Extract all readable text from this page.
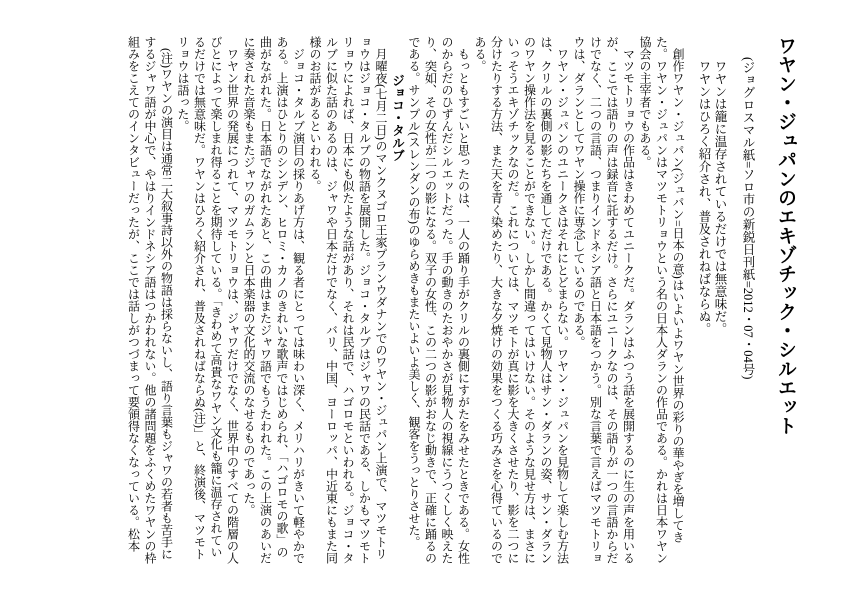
ワヤン・ジュパンのエキゾチック・シルエット

(ジョグロスマル紙=ソロ市の新鋭日刊紙=2012・07・04号)

ワヤンは籠に温存されているだけでは無意味だ。

ワヤンはひろく紹介され、普及されねばならぬ。

創作ワヤン・ジュパン(ジュパン=日本の意)はいよいよワヤン世界の彩りの華やぎを増してきた。ワヤン・ジュパンはマツモトリョウという名の日本人ダランの作品である。かれは日本ワヤン協会の主宰者でもある。

マツモトリョウの作品はきわめてユニークだ。ダランはふつう話を展開するのに生の声を用いるが、ここでは語りの声は録音に託するだけ。さらにユニークなのは、その語りが一つの言語からだけでなく、二つの言語、つまりインドネシア語と日本語をつかう。別な言葉で言えばマツモトリョウは、ダランとしてワヤン操作に専念しているのである。

ワヤン・ジュパンのユニークさはそれにとどまらない。ワヤン・ジュパンを見物して楽しむ方法は、クリルの裏側の影たちを通してだけである。かくて見物人はサン・ダランの姿、サン・ダランのワヤン操作法を見ることができない。しかし間違ってはいけない。そのような見せ方は、まさにいっそうエキゾチックなのだ。これについては、マツモトが真に影を大きくさせたり、影を二つに分けたりする方法、また天を青く染めたり、大きな夕焼けの効果をつくる巧みさを心得ているのである。

もっともすごいと思ったのは、一人の踊り手がクリルの裏側にすがたをみせたときである。女性のからだのひずんだシルエットだった。手の動きのたおやかさが見物人の視線にうつくしく映えたり、突如、その女性が二つの影になる。双子の女性、この二つの影がおなじ動きで、正確に踊るのである。サンプル(スレンダンの布)のゆらめきもまたいよいよ美しく、観客をうっとりさせた。

ジョコ・タルブ

月曜夜(七月二日)のマンクヌゴロ王家プランウダナンでのワヤン・ジュパン上演で、マツモトリョウはジョコ・タルブの物語を展開した。ジョコ・タルブはジャワの民話である、しかもマツモトリョウによれば、日本にも似たような話があり、それは民話で、ハゴロモといわれる。ジョコ・タルブに似た話のあるのは、ジャワや日本だけでなく、バリ、中国、ヨーロッパ、中近東にもまた同様のお話があるといわれる。

ジョコ・タルブ演目の採りあげ方は、観る者にとっては味わい深く、メリハリがきいて軽やかである。上演はひとりのシンデン、ヒロミ・カノのきれいな歌声ではじめられ、「ハゴロモの歌」の曲がながれた。日本語でながれたあと、この曲はまたジャワ語でもうたわれた。この上演のあいだに奏された音楽もまたジャワのガムランと日本楽器の文化的交流のなせるものであった。

ワヤン世界の発展につれて、マツモトリョウは、ジャワだけでなく、世界中のすべての階層の人びとによって楽しまれ得ることを期待している。「きわめて高貴なワヤン文化も籠に温存されているだけでは無意味だ。ワヤンはひろく紹介され、普及されねばならぬ(注)」と、終演後、マツモトリョウは語った。

(注)ワヤンの演目は通常二大叙事詩以外の物語は採らないし、語り言葉もジャワの若者も苦手にするジャワ語が中心で、やはりインドネシア語はつかわれない。他の諸問題をふくめたワヤンの枠組みをこえてのインタビューだったが、ここでは話しがつづまって要領得なくなっている。松本
